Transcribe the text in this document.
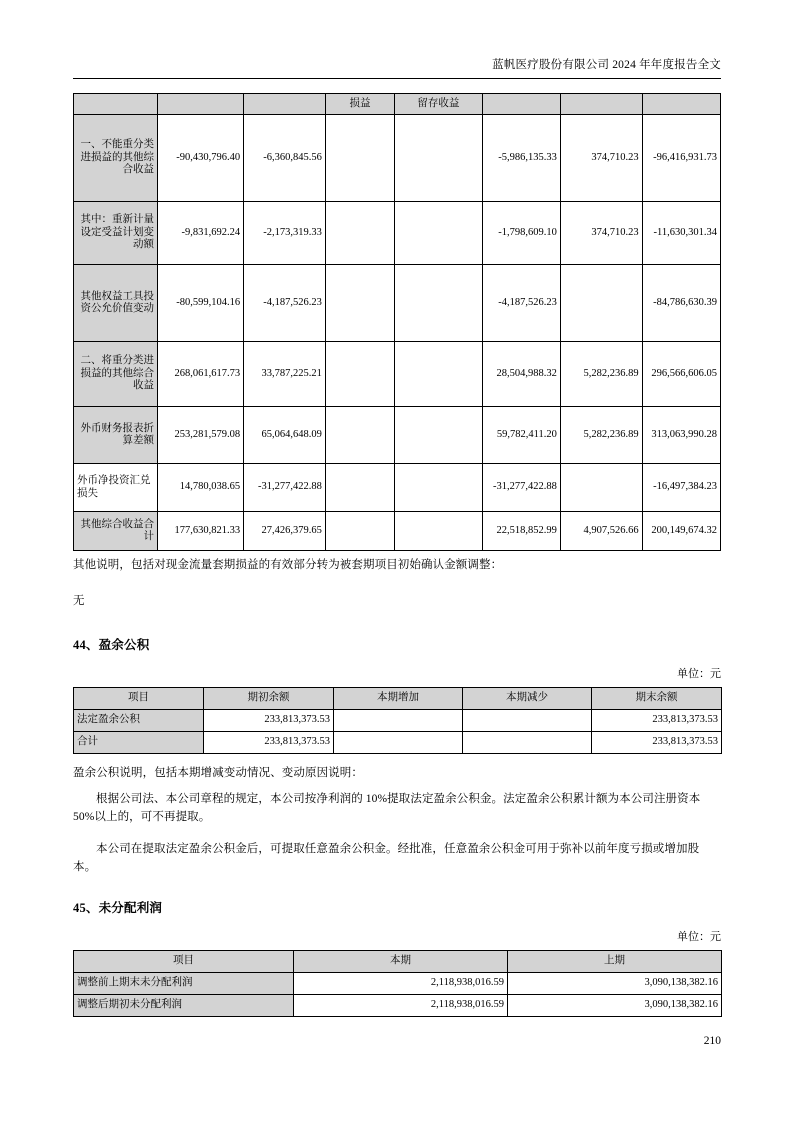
蓝帆医疗股份有限公司 2024 年年度报告全文
			损益	留存收益			
一、不能重分类进损益的其他综合收益	-90,430,796.40	-6,360,845.56			-5,986,135.33	374,710.23	-96,416,931.73
其中：重新计量设定受益计划变动额	-9,831,692.24	-2,173,319.33			-1,798,609.10	374,710.23	-11,630,301.34
其他权益工具投资公允价值变动	-80,599,104.16	-4,187,526.23			-4,187,526.23		-84,786,630.39
二、将重分类进损益的其他综合收益	268,061,617.73	33,787,225.21			28,504,988.32	5,282,236.89	296,566,606.05
外币财务报表折算差额	253,281,579.08	65,064,648.09			59,782,411.20	5,282,236.89	313,063,990.28
外币净投资汇兑损失	14,780,038.65	-31,277,422.88			-31,277,422.88		-16,497,384.23
其他综合收益合计	177,630,821.33	27,426,379.65			22,518,852.99	4,907,526.66	200,149,674.32
其他说明，包括对现金流量套期损益的有效部分转为被套期项目初始确认金额调整：
无
44、盈余公积
单位：元
项目	期初余额	本期增加	本期减少	期末余额
法定盈余公积	233,813,373.53			233,813,373.53
合计	233,813,373.53			233,813,373.53
盈余公积说明，包括本期增减变动情况、变动原因说明：
根据公司法、本公司章程的规定，本公司按净利润的 10%提取法定盈余公积金。法定盈余公积累计额为本公司注册资本 50%以上的，可不再提取。
本公司在提取法定盈余公积金后，可提取任意盈余公积金。经批准，任意盈余公积金可用于弥补以前年度亏损或增加股本。
45、未分配利润
单位：元
项目	本期	上期
调整前上期末未分配利润	2,118,938,016.59	3,090,138,382.16
调整后期初未分配利润	2,118,938,016.59	3,090,138,382.16
210
